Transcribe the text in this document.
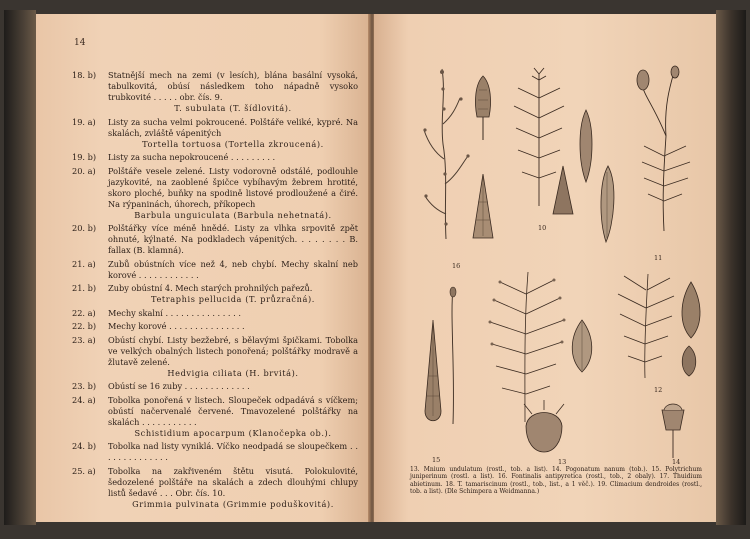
14
18. b)	Statnější mech na zemi (v lesích), blána basální vysoká, tabulkovitá, obúsí následkem toho nápadně vysoko trubkovité . . . . . obr. čís. 9.
T. subulata (T. šídlovitá).
19. a)	Listy za sucha velmi pokroucené. Polštáře veliké, kypré. Na skalách, zvláště vápenitých
Tortella tortuosa (Tortella zkroucená).
19. b)	Listy za sucha nepokroucené . . . . . . . . .
20. a)	Polštáře vesele zelené. Listy vodorovně odstálé, podlouhle jazykovité, na zaoblené špičce vybíhavým žebrem hrotité, skoro ploché, buňky na spodině listové prodloužené a čiré. Na rýpaninách, úhorech, příkopech
Barbula unguiculata (Barbula nehetnatá).
20. b)	Polštářky více méně hnědé. Listy za vlhka srpovitě zpět ohnuté, kýlnaté. Na podkladech vápenitých. . . . . . . . B. fallax (B. klamná).
21. a)	Zubů obústních více než 4, neb chybí. Mechy skalní neb korové . . . . . . . . . . . .
21. b)	Zuby obústní 4. Mech starých prohnilých pařezů.
Tetraphis pellucida (T. průzračná).
22. a)	Mechy skalní . . . . . . . . . . . . . . .
22. b)	Mechy korové . . . . . . . . . . . . . . .
23. a)	Obústí chybí. Listy bezžebré, s bělavými špičkami. Tobolka ve velkých obalných listech ponořená; polštářky modravě a žlutavě zelené.
Hedvigia ciliata (H. brvitá).
23. b)	Obústí se 16 zuby . . . . . . . . . . . . .
24. a)	Tobolka ponořená v listech. Sloupeček odpadává s víčkem; obústí načervenalé červené. Tmavozelené polštářky na skalách . . . . . . . . . . .
Schistidium apocarpum (Klanočepka ob.).
24. b)	Tobolka nad listy vyniklá. Víčko neodpadá se sloupečkem . . . . . . . . . . . . . .
25. a)	Tobolka na zakřiveném štětu visutá. Polokulovité, šedozelené polštáře na skalách a zdech dlouhými chlupy listů šedavé . . . Obr. čís. 10.
Grimmia pulvinata (Grimmie poduškovitá).
16
10
11
15
12
14
13
13. Mnium undulatum (rostl., tob. a list). 14. Pogonatum nanum (tob.). 15. Polytrichum juniperinum (rostl. a list). 16. Fontinalis antipyretica (rostl., tob., 2 obaly). 17. Thuidium abietinum. 18. T. tamariscinum (rostl., tob., list., a 1 věč.). 19. Climacium dendroides (rostl., tob. a list). (Dle Schimpera a Weidmanna.)
